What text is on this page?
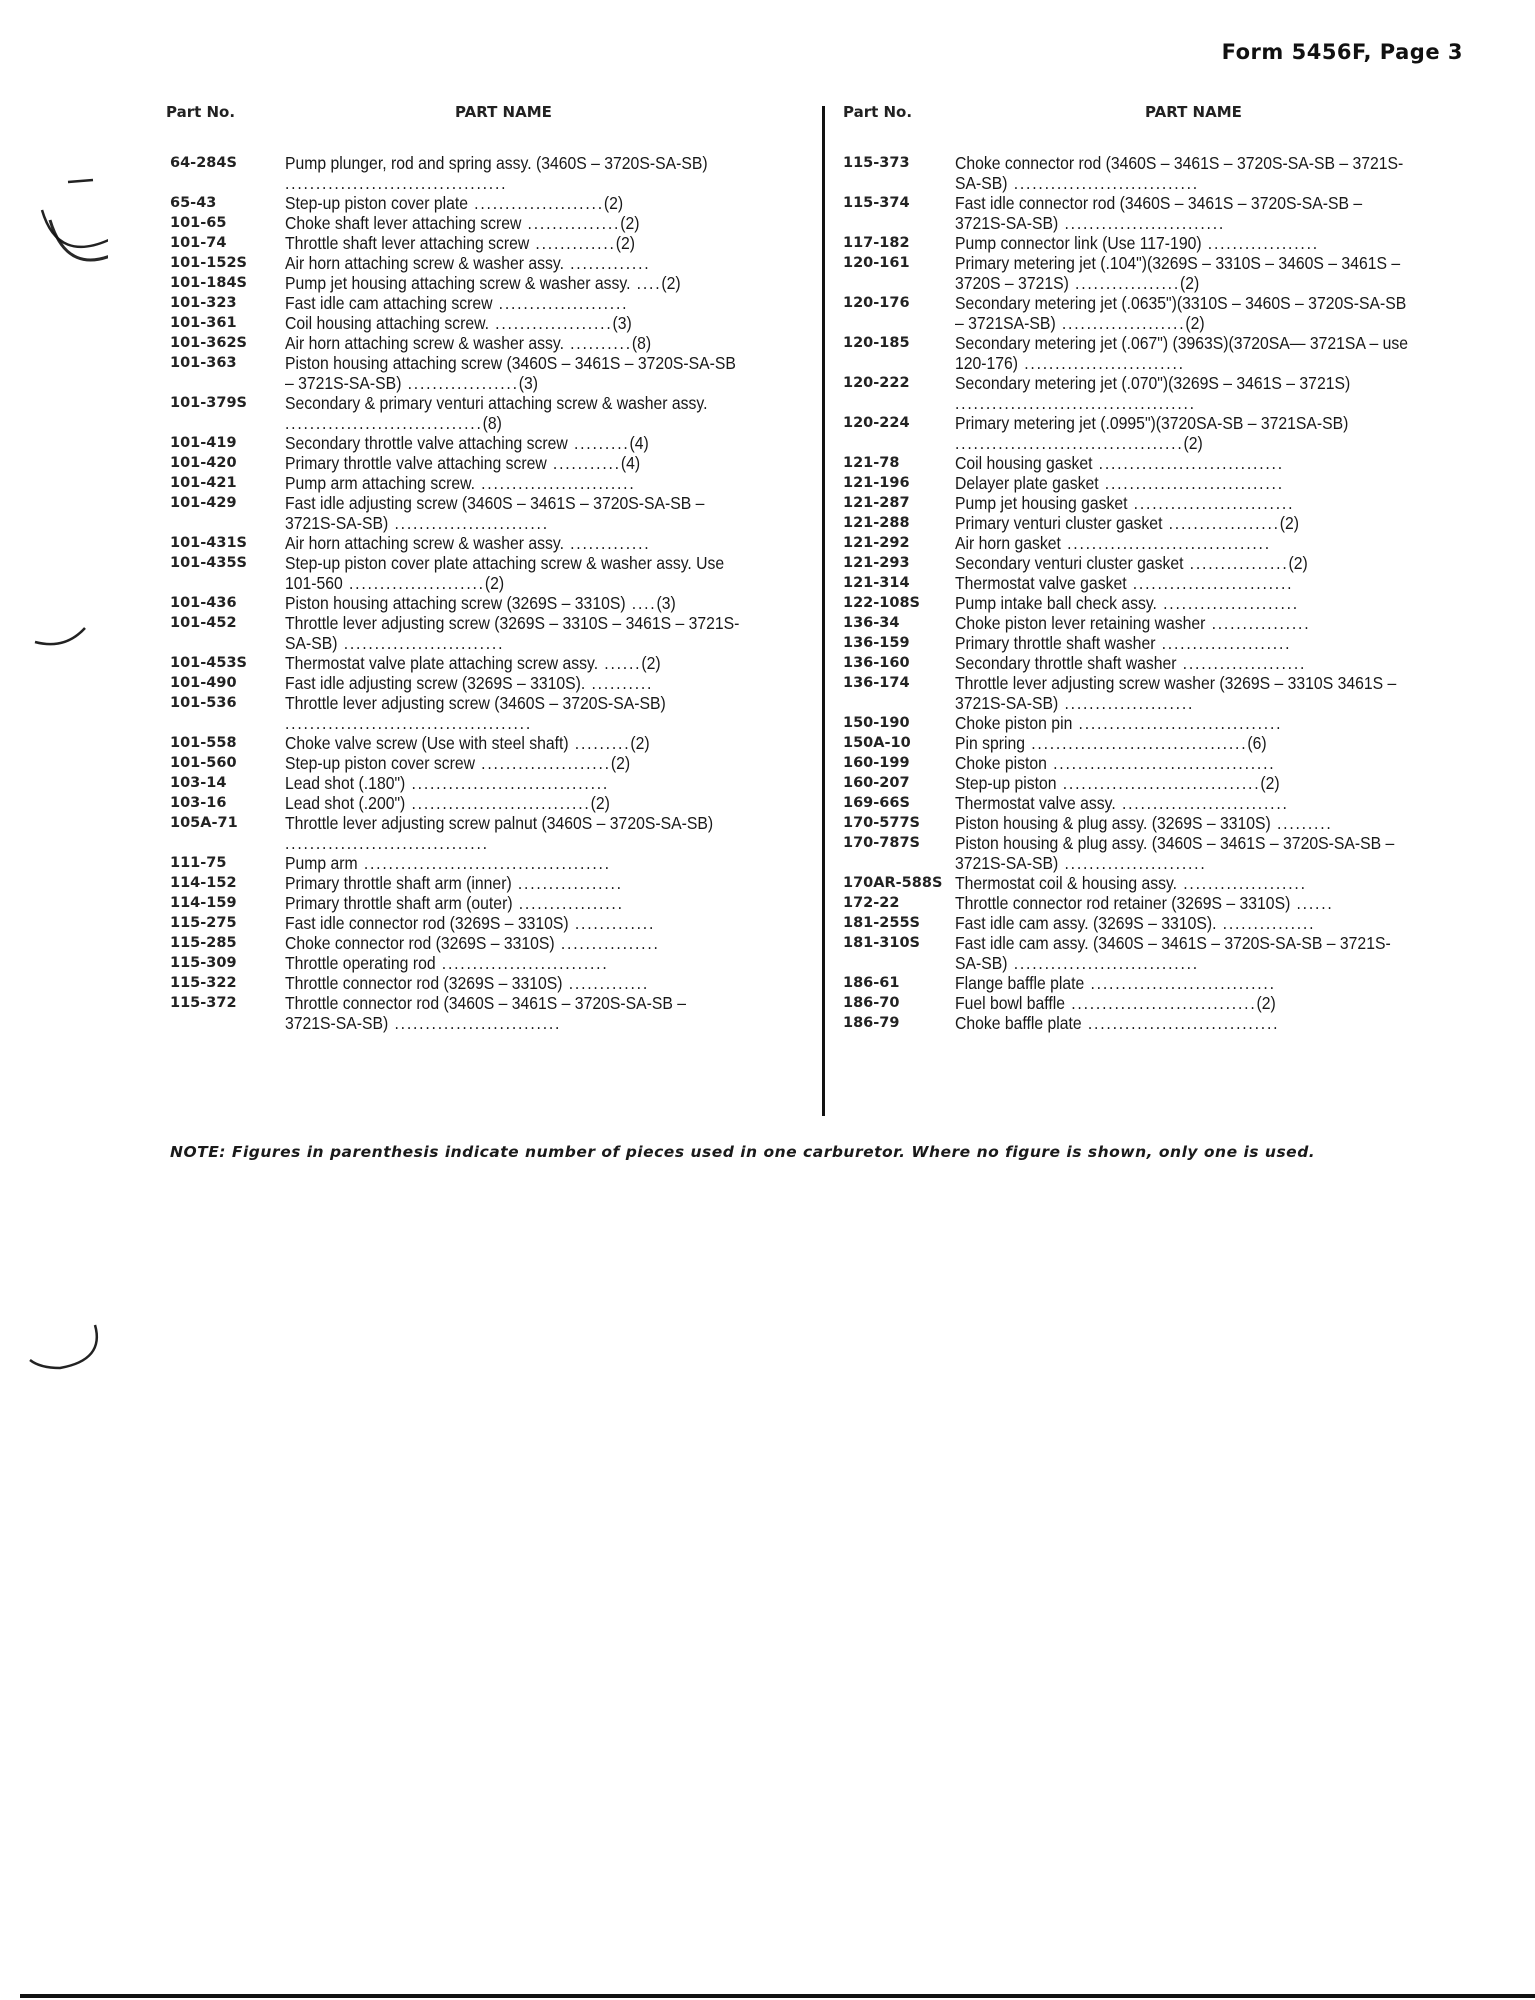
Form 5456F, Page 3
Part No.	PART NAME	Part No.	PART NAME
64-284S	Pump plunger, rod and spring assy. (3460S – 3720S-SA-SB) ....................................
65-43	Step-up piston cover plate .....................(2)
101-65	Choke shaft lever attaching screw ...............(2)
101-74	Throttle shaft lever attaching screw .............(2)
101-152S	Air horn attaching screw & washer assy. .............
101-184S	Pump jet housing attaching screw & washer assy. ....(2)
101-323	Fast idle cam attaching screw .....................
101-361	Coil housing attaching screw. ...................(3)
101-362S	Air horn attaching screw & washer assy. ..........(8)
101-363	Piston housing attaching screw (3460S – 3461S – 3720S-SA-SB – 3721S-SA-SB) ..................(3)
101-379S	Secondary & primary venturi attaching screw & washer assy. ................................(8)
101-419	Secondary throttle valve attaching screw .........(4)
101-420	Primary throttle valve attaching screw ...........(4)
101-421	Pump arm attaching screw. .........................
101-429	Fast idle adjusting screw (3460S – 3461S – 3720S-SA-SB – 3721S-SA-SB) .........................
101-431S	Air horn attaching screw & washer assy. .............
101-435S	Step-up piston cover plate attaching screw & washer assy. Use 101-560 ......................(2)
101-436	Piston housing attaching screw (3269S – 3310S) ....(3)
101-452	Throttle lever adjusting screw (3269S – 3310S – 3461S – 3721S-SA-SB) ..........................
101-453S	Thermostat valve plate attaching screw assy. ......(2)
101-490	Fast idle adjusting screw (3269S – 3310S). ..........
101-536	Throttle lever adjusting screw (3460S – 3720S-SA-SB) ........................................
101-558	Choke valve screw (Use with steel shaft) .........(2)
101-560	Step-up piston cover screw .....................(2)
103-14	Lead shot (.180") ................................
103-16	Lead shot (.200") .............................(2)
105A-71	Throttle lever adjusting screw palnut (3460S – 3720S-SA-SB) .................................
111-75	Pump arm ........................................
114-152	Primary throttle shaft arm (inner) .................
114-159	Primary throttle shaft arm (outer) .................
115-275	Fast idle connector rod (3269S – 3310S) .............
115-285	Choke connector rod (3269S – 3310S) ................
115-309	Throttle operating rod ...........................
115-322	Throttle connector rod (3269S – 3310S) .............
115-372	Throttle connector rod (3460S – 3461S – 3720S-SA-SB – 3721S-SA-SB) ...........................
115-373	Choke connector rod (3460S – 3461S – 3720S-SA-SB – 3721S-SA-SB) ..............................
115-374	Fast idle connector rod (3460S – 3461S – 3720S-SA-SB – 3721S-SA-SB) ..........................
117-182	Pump connector link (Use 117-190) ..................
120-161	Primary metering jet (.104")(3269S – 3310S – 3460S – 3461S – 3720S – 3721S) .................(2)
120-176	Secondary metering jet (.0635")(3310S – 3460S – 3720S-SA-SB – 3721SA-SB) ....................(2)
120-185	Secondary metering jet (.067") (3963S)(3720SA— 3721SA – use 120-176) ..........................
120-222	Secondary metering jet (.070")(3269S – 3461S – 3721S) .......................................
120-224	Primary metering jet (.0995")(3720SA-SB – 3721SA-SB) .....................................(2)
121-78	Coil housing gasket ..............................
121-196	Delayer plate gasket .............................
121-287	Pump jet housing gasket ..........................
121-288	Primary venturi cluster gasket ..................(2)
121-292	Air horn gasket .................................
121-293	Secondary venturi cluster gasket ................(2)
121-314	Thermostat valve gasket ..........................
122-108S	Pump intake ball check assy. ......................
136-34	Choke piston lever retaining washer ................
136-159	Primary throttle shaft washer .....................
136-160	Secondary throttle shaft washer ....................
136-174	Throttle lever adjusting screw washer (3269S – 3310S 3461S – 3721S-SA-SB) .....................
150-190	Choke piston pin .................................
150A-10	Pin spring ...................................(6)
160-199	Choke piston ....................................
160-207	Step-up piston ................................(2)
169-66S	Thermostat valve assy. ...........................
170-577S	Piston housing & plug assy. (3269S – 3310S) .........
170-787S	Piston housing & plug assy. (3460S – 3461S – 3720S-SA-SB – 3721S-SA-SB) .......................
170AR-588S Thermostat coil & housing assy. ....................
172-22	Throttle connector rod retainer (3269S – 3310S) ......
181-255S	Fast idle cam assy. (3269S – 3310S). ...............
181-310S	Fast idle cam assy. (3460S – 3461S – 3720S-SA-SB – 3721S-SA-SB) ..............................
186-61	Flange baffle plate ..............................
186-70	Fuel bowl baffle ..............................(2)
186-79	Choke baffle plate ...............................
NOTE: Figures in parenthesis indicate number of pieces used in one carburetor. Where no figure is shown, only one is used.
